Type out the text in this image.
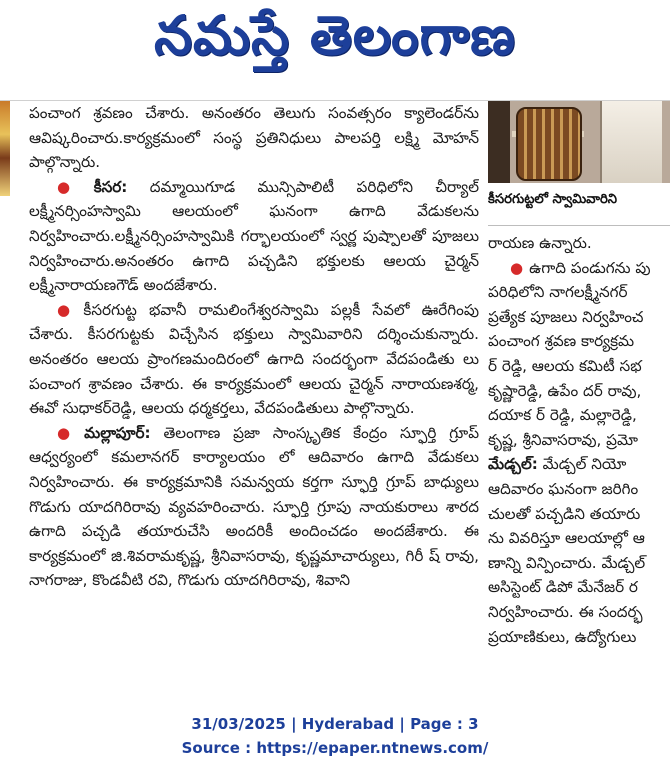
నమస్తే తెలంగాణ

పంచాంగ శ్రవణం చేశారు. అనంతరం తెలుగు సంవత్సరం క్యాలెండర్‌ను ఆవిష్కరించారు.కార్యక్రమంలో సంస్థ ప్రతినిధులు పాలపర్తి లక్ష్మి మోహన్ పాల్గొన్నారు.

● కీసర: దమ్మాయిగూడ మున్సిపాలిటీ పరిధిలోని చీర్యాల్ లక్ష్మీనర్సింహస్వామి ఆలయంలో ఘనంగా ఉగాది వేడుకలను నిర్వహించారు.లక్ష్మీనర్సింహస్వామికి గర్భాలయంలో స్వర్ణ పుష్పాలతో పూజలు నిర్వహించారు.అనంతరం ఉగాది పచ్చడిని భక్తులకు ఆలయ చైర్మన్ లక్ష్మీనారాయణగౌడ్ అందజేశారు.

● కీసరగుట్ట భవానీ రామలింగేశ్వరస్వామి పల్లకీ సేవలో ఊరేగింపు చేశారు. కీసరగుట్టకు విచ్చేసిన భక్తులు స్వామివారిని దర్శించుకున్నారు. అనంతరం ఆలయ ప్రాంగణమందిరంలో ఉగాది సందర్భంగా వేదపండితు లు పంచాంగ శ్రావణం చేశారు. ఈ కార్యక్రమంలో ఆలయ చైర్మన్ నారాయణశర్మ, ఈవో సుధాకర్‌రెడ్డి, ఆలయ ధర్మకర్తలు, వేదపండితులు పాల్గొన్నారు.

● మల్లాపూర్: తెలంగాణ ప్రజా సాంస్కృతిక కేంద్రం స్ఫూర్తి గ్రూప్ ఆధ్వర్యంలో కమలానగర్ కార్యాలయం లో ఆదివారం ఉగాది వేడుకలు నిర్వహించారు. ఈ కార్యక్రమానికి సమన్వయ కర్తగా స్ఫూర్తి గ్రూప్ బాధ్యులు గొడుగు యాదగిరిరావు వ్యవహరించారు. స్ఫూర్తి గ్రూపు నాయకురాలు శారద ఉగాది పచ్చడి తయారుచేసి అందరికీ అందించడం అందజేశారు. ఈ కార్యక్రమంలో జి.శివరామకృష్ణ, శ్రీనివాసరావు, కృష్ణమాచార్యులు, గిరీ ష్ రావు, నాగరాజు, కొండవీటి రవి, గొడుగు యాదగిరిరావు, శివాని

కీసరగుట్టలో స్వామివారిని

రాయణ ఉన్నారు.

● ఉగాది పండుగను పు

పరిధిలోని నాగలక్ష్మీనగర్

ప్రత్యేక పూజలు నిర్వహించ

పంచాంగ శ్రవణ కార్యక్రమ

ర్ రెడ్డి, ఆలయ కమిటీ సభ

కృష్ణారెడ్డి, ఉపేం దర్ రావు,

దయాక ర్ రెడ్డి, మల్లారెడ్డి,

కృష్ణ, శ్రీనివాసరావు, ప్రమో

మేడ్చల్: మేడ్చల్ నియో

ఆదివారం ఘనంగా జరిగిం

చులతో పచ్చడిని తయారు

ను వివరిస్తూ ఆలయాల్లో ఆ

ణాన్ని విన్పించారు. మేడ్చల్

అసిస్టెంట్ డిపో మేనేజర్ ర

నిర్వహించారు. ఈ సందర్భ

ప్రయాణికులు, ఉద్యోగులు

31/03/2025 | Hyderabad | Page : 3
Source : https://epaper.ntnews.com/
